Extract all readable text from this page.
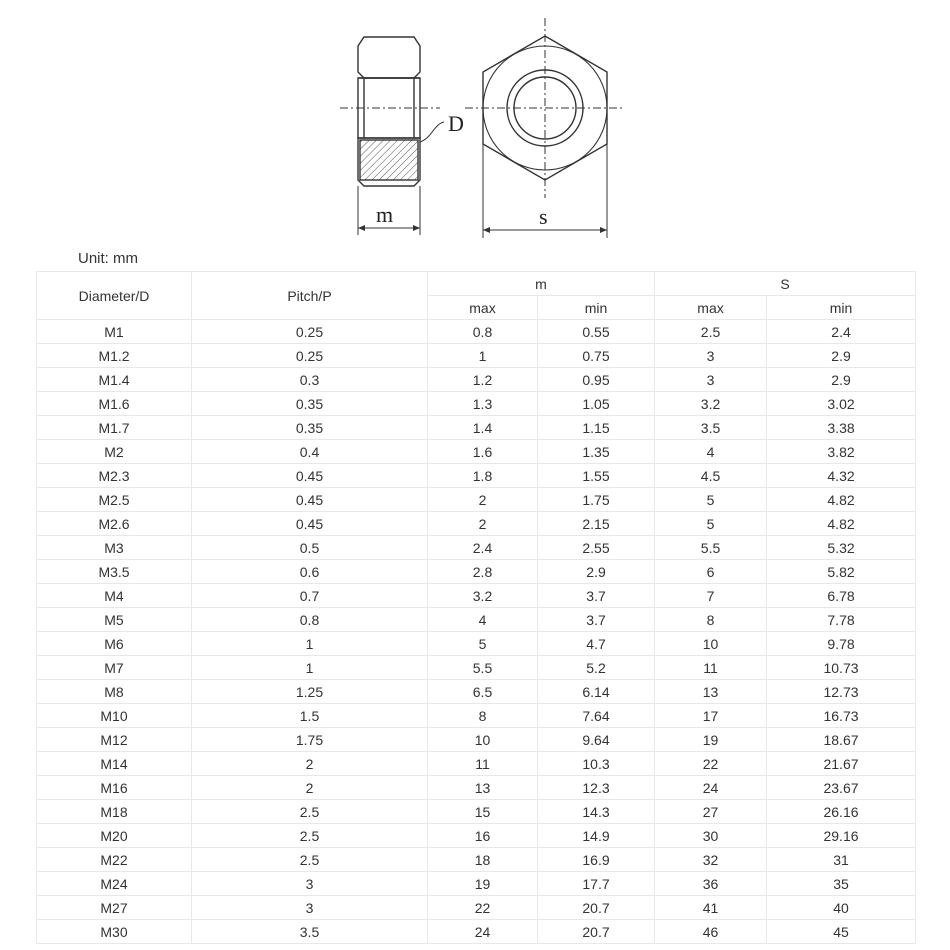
D
m	s
Unit: mm
Diameter/D	Pitch/P	m		S	
		max	min	max	min
M1	0.25	0.8	0.55	2.5	2.4
M1.2	0.25	1	0.75	3	2.9
M1.4	0.3	1.2	0.95	3	2.9
M1.6	0.35	1.3	1.05	3.2	3.02
M1.7	0.35	1.4	1.15	3.5	3.38
M2	0.4	1.6	1.35	4	3.82
M2.3	0.45	1.8	1.55	4.5	4.32
M2.5	0.45	2	1.75	5	4.82
M2.6	0.45	2	2.15	5	4.82
M3	0.5	2.4	2.55	5.5	5.32
M3.5	0.6	2.8	2.9	6	5.82
M4	0.7	3.2	3.7	7	6.78
M5	0.8	4	3.7	8	7.78
M6	1	5	4.7	10	9.78
M7	1	5.5	5.2	11	10.73
M8	1.25	6.5	6.14	13	12.73
M10	1.5	8	7.64	17	16.73
M12	1.75	10	9.64	19	18.67
M14	2	11	10.3	22	21.67
M16	2	13	12.3	24	23.67
M18	2.5	15	14.3	27	26.16
M20	2.5	16	14.9	30	29.16
M22	2.5	18	16.9	32	31
M24	3	19	17.7	36	35
M27	3	22	20.7	41	40
M30	3.5	24	20.7	46	45
